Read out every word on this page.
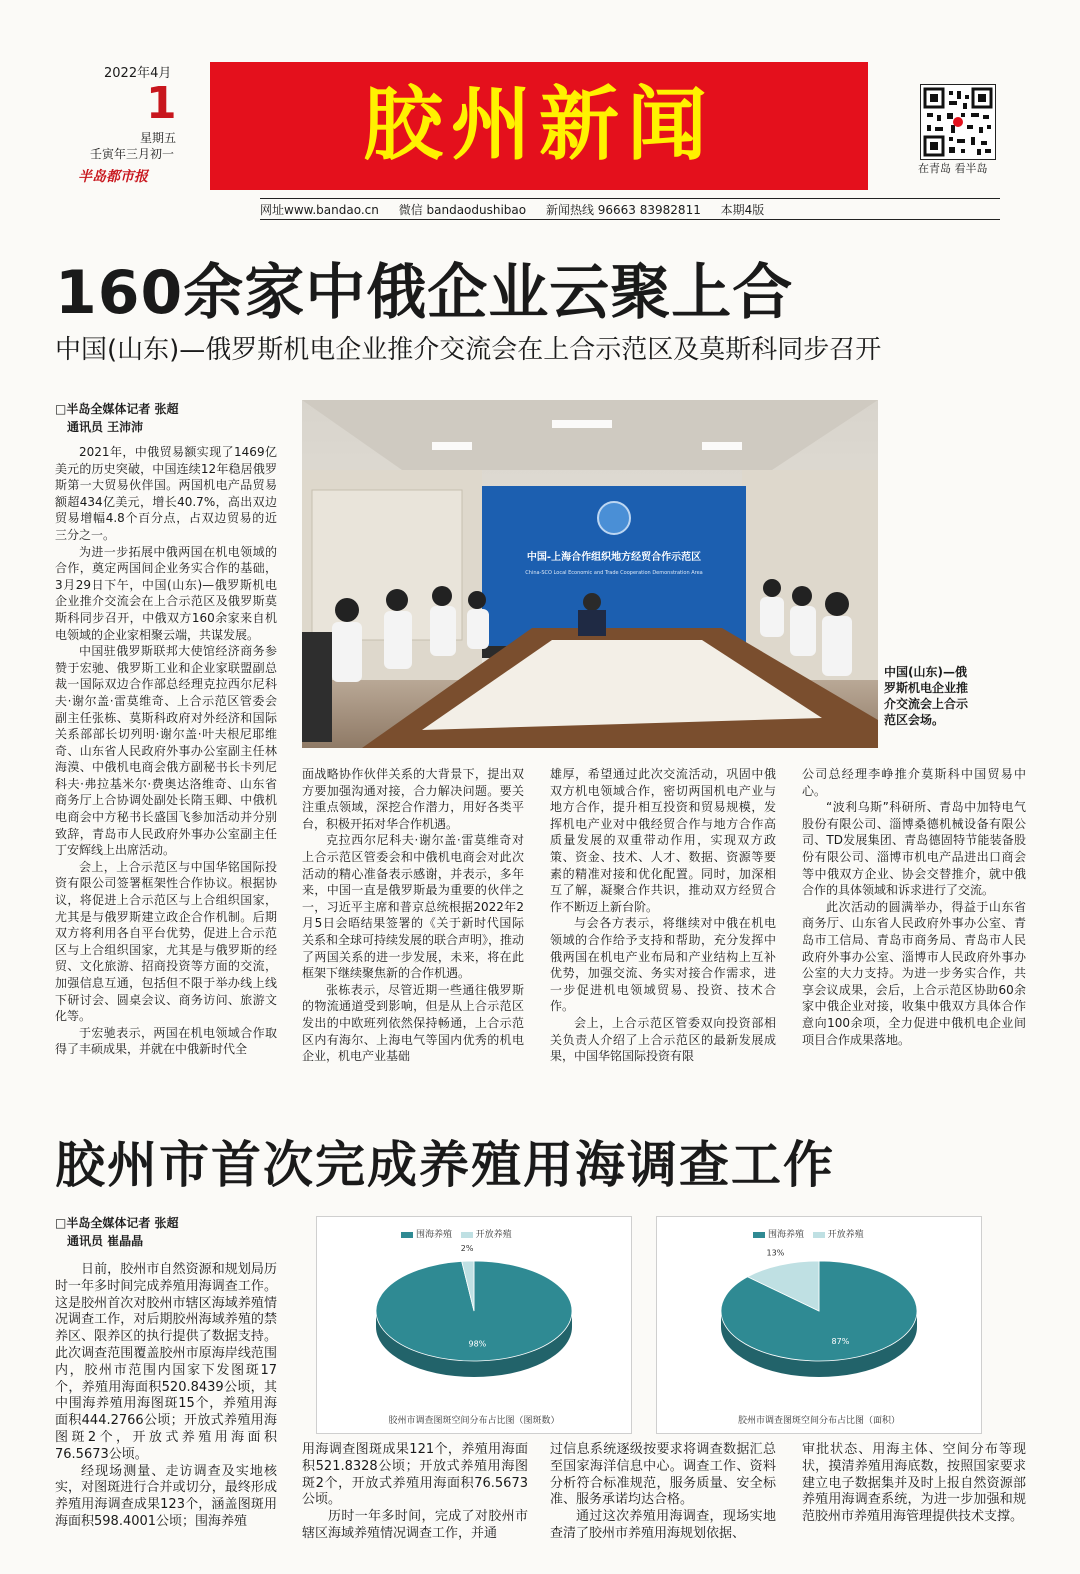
2022年4月
1
星期五
壬寅年三月初一
半岛都市报
胶州新闻	在青岛 看半岛
网址www.bandao.cn 微信 bandaodushibao 新闻热线 96663 83982811 本期4版
160余家中俄企业云聚上合
中国(山东)—俄罗斯机电企业推介交流会在上合示范区及莫斯科同步召开
□半岛全媒体记者 张超
通讯员 王沛沛
中国-上海合作组织地方经贸合作示范区
China-SCO Local Economic and Trade Cooperation Demonstration Area
中国(山东)—俄罗斯机电企业推介交流会上合示范区会场。

2021年，中俄贸易额实现了1469亿美元的历史突破，中国连续12年稳居俄罗斯第一大贸易伙伴国。两国机电产品贸易额超434亿美元，增长40.7%，高出双边贸易增幅4.8个百分点，占双边贸易的近三分之一。

为进一步拓展中俄两国在机电领域的合作，奠定两国间企业务实合作的基础，3月29日下午，中国(山东)—俄罗斯机电企业推介交流会在上合示范区及俄罗斯莫斯科同步召开，中俄双方160余家来自机电领域的企业家相聚云端，共谋发展。

中国驻俄罗斯联邦大使馆经济商务参赞于宏驰、俄罗斯工业和企业家联盟副总裁一国际双边合作部总经理克拉西尔尼科夫·谢尔盖·雷莫维奇、上合示范区管委会副主任张栋、莫斯科政府对外经济和国际关系部部长切列明·谢尔盖·叶夫根尼耶维奇、山东省人民政府外事办公室副主任林海漠、中俄机电商会俄方副秘书长卡列尼科夫·弗拉基米尔·费奥达洛维奇、山东省商务厅上合协调处副处长隋玉卿、中俄机电商会中方秘书长盛国飞参加活动并分别致辞，青岛市人民政府外事办公室副主任丁安辉线上出席活动。

会上，上合示范区与中国华铭国际投资有限公司签署框架性合作协议。根据协议，将促进上合示范区与上合组织国家，尤其是与俄罗斯建立政企合作机制。后期双方将利用各自平台优势，促进上合示范区与上合组织国家，尤其是与俄罗斯的经贸、文化旅游、招商投资等方面的交流，加强信息互通，包括但不限于举办线上线下研讨会、圆桌会议、商务访问、旅游文化等。

于宏驰表示，两国在机电领域合作取得了丰硕成果，并就在中俄新时代全

面战略协作伙伴关系的大背景下，提出双方要加强沟通对接，合力解决问题。要关注重点领域，深挖合作潜力，用好各类平台，积极开拓对华合作机遇。

克拉西尔尼科夫·谢尔盖·雷莫维奇对上合示范区管委会和中俄机电商会对此次活动的精心准备表示感谢，并表示，多年来，中国一直是俄罗斯最为重要的伙伴之一，习近平主席和普京总统根据2022年2月5日会晤结果签署的《关于新时代国际关系和全球可持续发展的联合声明》，推动了两国关系的进一步发展，未来，将在此框架下继续聚焦新的合作机遇。

张栋表示，尽管近期一些通往俄罗斯的物流通道受到影响，但是从上合示范区发出的中欧班列依然保持畅通，上合示范区内有海尔、上海电气等国内优秀的机电企业，机电产业基础

雄厚，希望通过此次交流活动，巩固中俄双方机电领域合作，密切两国机电产业与地方合作，提升相互投资和贸易规模，发挥机电产业对中俄经贸合作与地方合作高质量发展的双重带动作用，实现双方政策、资金、技术、人才、数据、资源等要素的精准对接和优化配置。同时，加深相互了解，凝聚合作共识，推动双方经贸合作不断迈上新台阶。

与会各方表示，将继续对中俄在机电领域的合作给予支持和帮助，充分发挥中俄两国在机电产业布局和产业结构上互补优势，加强交流、务实对接合作需求，进一步促进机电领域贸易、投资、技术合作。

会上，上合示范区管委双向投资部相关负责人介绍了上合示范区的最新发展成果，中国华铭国际投资有限

公司总经理李峥推介莫斯科中国贸易中心。

“波利乌斯”科研所、青岛中加特电气股份有限公司、淄博桑德机械设备有限公司、TD发展集团、青岛德固特节能装备股份有限公司、淄博市机电产品进出口商会等中俄双方企业、协会交替推介，就中俄合作的具体领域和诉求进行了交流。

此次活动的圆满举办，得益于山东省商务厅、山东省人民政府外事办公室、青岛市工信局、青岛市商务局、青岛市人民政府外事办公室、淄博市人民政府外事办公室的大力支持。为进一步务实合作，共享会议成果，会后，上合示范区协助60余家中俄企业对接，收集中俄双方具体合作意向100余项，全力促进中俄机电企业间项目合作成果落地。

胶州市首次完成养殖用海调查工作
□半岛全媒体记者 张超
通讯员 崔晶晶	围海养殖	开放养殖
98%
2%
胶州市调查图斑空间分布占比图（图斑数）
围海养殖	开放养殖
87%
13%
胶州市调查图斑空间分布占比图（面积）

日前，胶州市自然资源和规划局历时一年多时间完成养殖用海调查工作。这是胶州首次对胶州市辖区海域养殖情况调查工作，对后期胶州海域养殖的禁养区、限养区的执行提供了数据支持。此次调查范围覆盖胶州市原海岸线范围内，胶州市范围内国家下发图斑17个，养殖用海面积520.8439公顷，其中围海养殖用海图斑15个，养殖用海面积444.2766公顷；开放式养殖用海图斑2个，开放式养殖用海面积76.5673公顷。

经现场测量、走访调查及实地核实，对图斑进行合并或切分，最终形成养殖用海调查成果123个，涵盖图斑用海面积598.4001公顷；围海养殖

用海调查图斑成果121个，养殖用海面积521.8328公顷；开放式养殖用海图斑2个，开放式养殖用海面积76.5673公顷。

历时一年多时间，完成了对胶州市辖区海域养殖情况调查工作，并通

过信息系统逐级按要求将调查数据汇总至国家海洋信息中心。调查工作、资料分析符合标准规范，服务质量、安全标准、服务承诺均达合格。

通过这次养殖用海调查，现场实地查清了胶州市养殖用海规划依据、

审批状态、用海主体、空间分布等现状，摸清养殖用海底数，按照国家要求建立电子数据集并及时上报自然资源部养殖用海调查系统，为进一步加强和规范胶州市养殖用海管理提供技术支撑。
